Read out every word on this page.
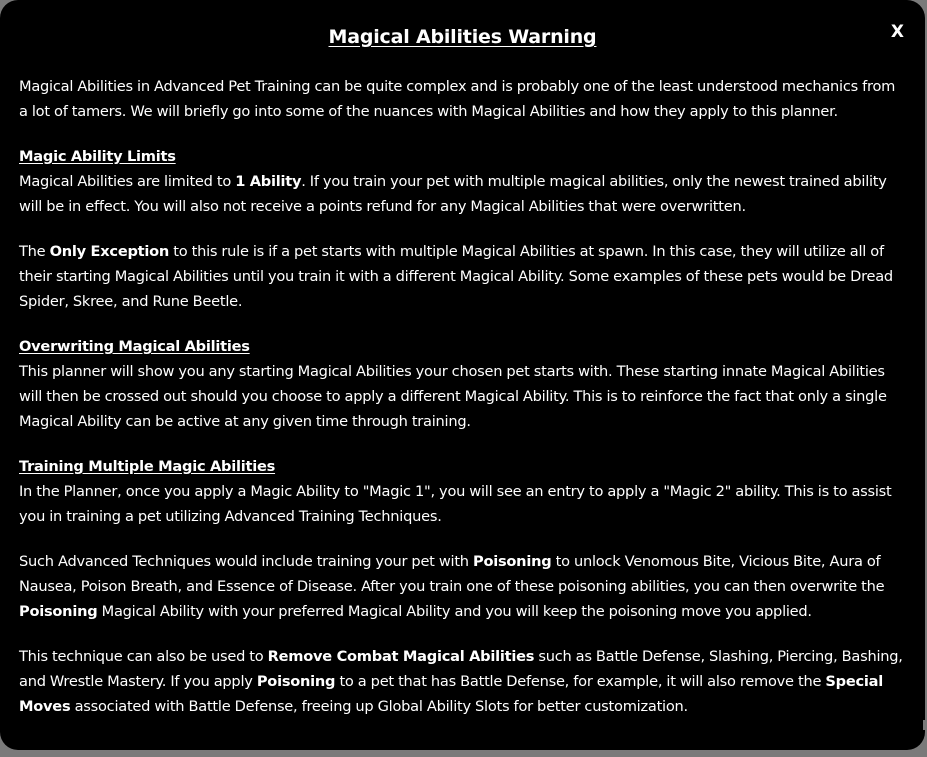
X
Magical Abilities Warning

Magical Abilities in Advanced Pet Training can be quite complex and is probably one of the least understood mechanics from a lot of tamers. We will briefly go into some of the nuances with Magical Abilities and how they apply to this planner.

Magic Ability Limits
Magical Abilities are limited to 1 Ability. If you train your pet with multiple magical abilities, only the newest trained ability will be in effect. You will also not receive a points refund for any Magical Abilities that were overwritten.

The Only Exception to this rule is if a pet starts with multiple Magical Abilities at spawn. In this case, they will utilize all of their starting Magical Abilities until you train it with a different Magical Ability. Some examples of these pets would be Dread Spider, Skree, and Rune Beetle.

Overwriting Magical Abilities
This planner will show you any starting Magical Abilities your chosen pet starts with. These starting innate Magical Abilities will then be crossed out should you choose to apply a different Magical Ability. This is to reinforce the fact that only a single Magical Ability can be active at any given time through training.

Training Multiple Magic Abilities
In the Planner, once you apply a Magic Ability to "Magic 1", you will see an entry to apply a "Magic 2" ability. This is to assist you in training a pet utilizing Advanced Training Techniques.

Such Advanced Techniques would include training your pet with Poisoning to unlock Venomous Bite, Vicious Bite, Aura of Nausea, Poison Breath, and Essence of Disease. After you train one of these poisoning abilities, you can then overwrite the Poisoning Magical Ability with your preferred Magical Ability and you will keep the poisoning move you applied.

This technique can also be used to Remove Combat Magical Abilities such as Battle Defense, Slashing, Piercing, Bashing, and Wrestle Mastery. If you apply Poisoning to a pet that has Battle Defense, for example, it will also remove the Special Moves associated with Battle Defense, freeing up Global Ability Slots for better customization.
